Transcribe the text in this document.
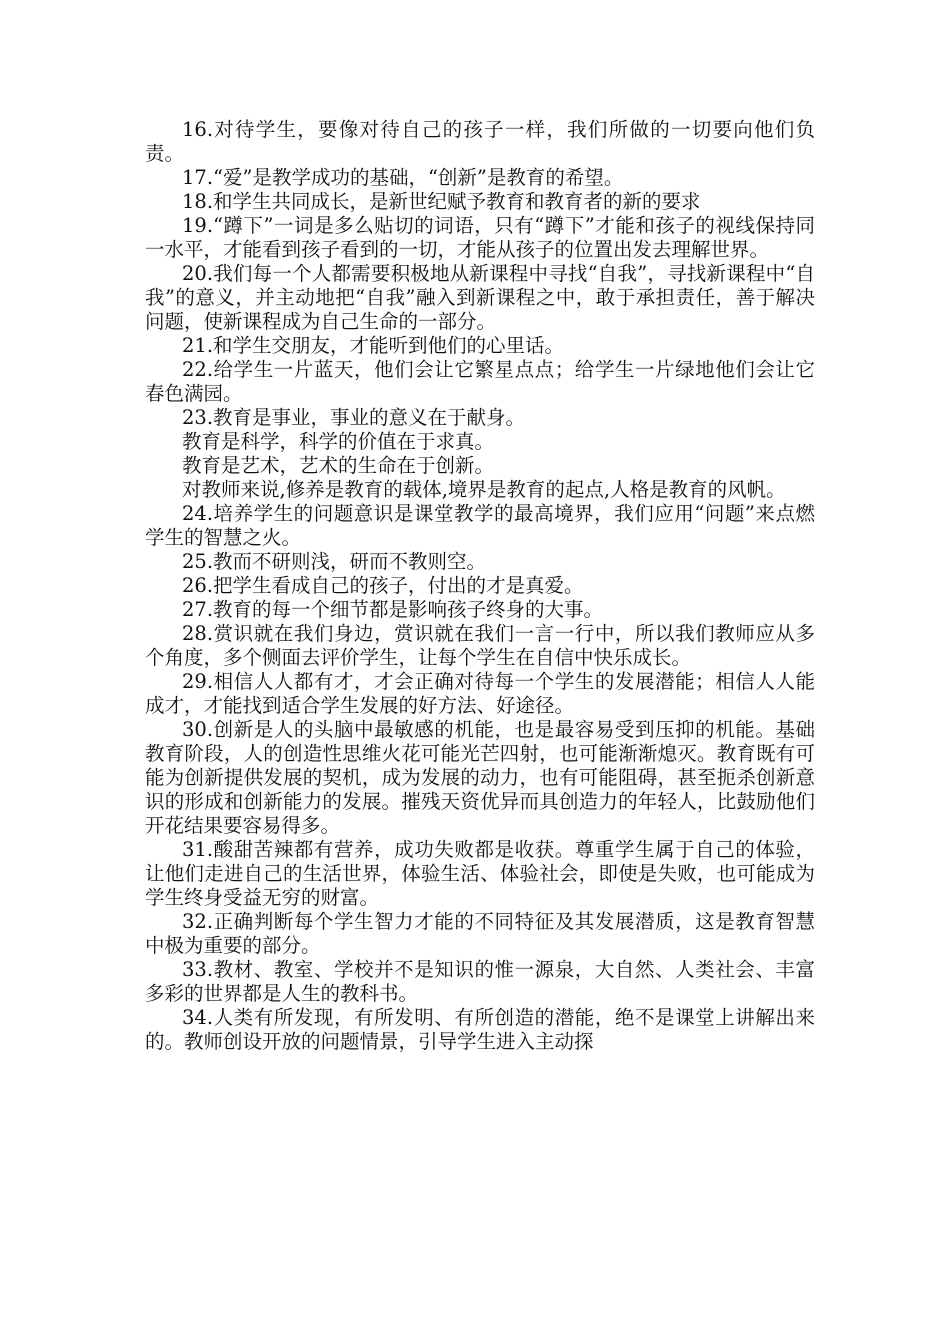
16.对待学生，要像对待自己的孩子一样，我们所做的一切要向他们负责。

17.“爱”是教学成功的基础，“创新”是教育的希望。

18.和学生共同成长，是新世纪赋予教育和教育者的新的要求

19.“蹲下”一词是多么贴切的词语，只有“蹲下”才能和孩子的视线保持同一水平，才能看到孩子看到的一切，才能从孩子的位置出发去理解世界。

20.我们每一个人都需要积极地从新课程中寻找“自我”，寻找新课程中“自我”的意义，并主动地把“自我”融入到新课程之中，敢于承担责任，善于解决问题，使新课程成为自己生命的一部分。

21.和学生交朋友，才能听到他们的心里话。

22.给学生一片蓝天，他们会让它繁星点点；给学生一片绿地他们会让它春色满园。

23.教育是事业，事业的意义在于献身。

教育是科学，科学的价值在于求真。

教育是艺术，艺术的生命在于创新。

对教师来说,修养是教育的载体,境界是教育的起点,人格是教育的风帆。

24.培养学生的问题意识是课堂教学的最高境界，我们应用“问题”来点燃学生的智慧之火。

25.教而不研则浅，研而不教则空。

26.把学生看成自己的孩子，付出的才是真爱。

27.教育的每一个细节都是影响孩子终身的大事。

28.赏识就在我们身边，赏识就在我们一言一行中，所以我们教师应从多个角度，多个侧面去评价学生，让每个学生在自信中快乐成长。

29.相信人人都有才，才会正确对待每一个学生的发展潜能；相信人人能成才，才能找到适合学生发展的好方法、好途径。

30.创新是人的头脑中最敏感的机能，也是最容易受到压抑的机能。基础教育阶段，人的创造性思维火花可能光芒四射，也可能渐渐熄灭。教育既有可能为创新提供发展的契机，成为发展的动力，也有可能阻碍，甚至扼杀创新意识的形成和创新能力的发展。摧残天资优异而具创造力的年轻人，比鼓励他们开花结果要容易得多。

31.酸甜苦辣都有营养，成功失败都是收获。尊重学生属于自己的体验，让他们走进自己的生活世界，体验生活、体验社会，即使是失败，也可能成为学生终身受益无穷的财富。

32.正确判断每个学生智力才能的不同特征及其发展潜质，这是教育智慧中极为重要的部分。

33.教材、教室、学校并不是知识的惟一源泉，大自然、人类社会、丰富多彩的世界都是人生的教科书。

34.人类有所发现，有所发明、有所创造的潜能，绝不是课堂上讲解出来的。教师创设开放的问题情景，引导学生进入主动探
